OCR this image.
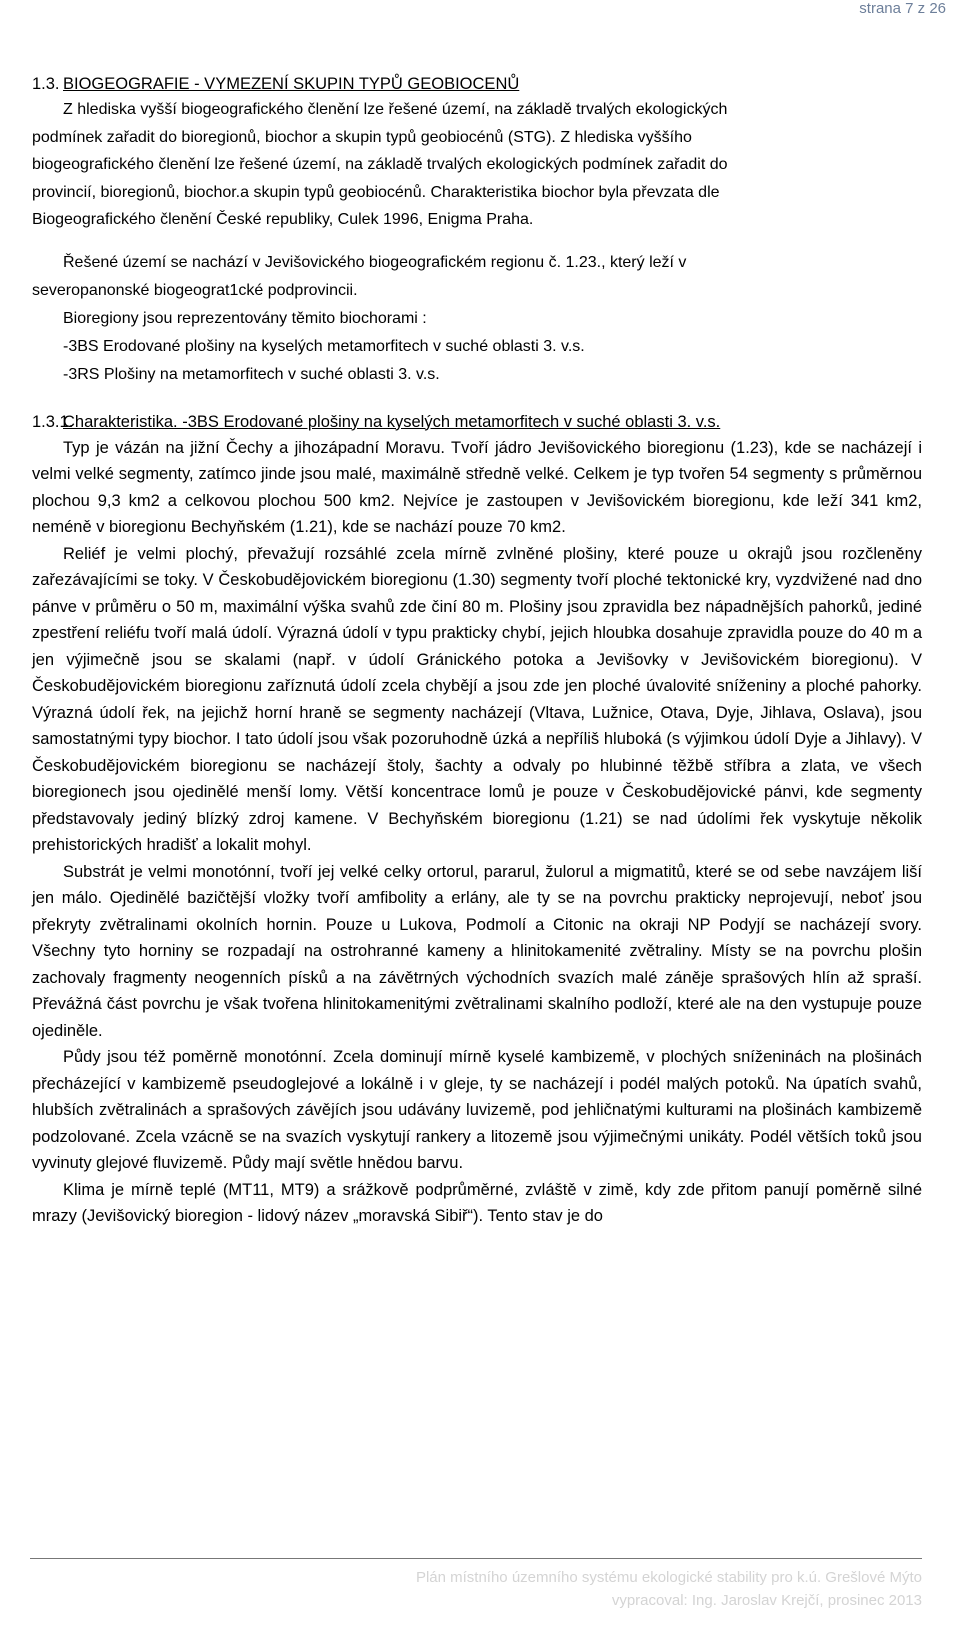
strana 7 z 26
1.3. BIOGEOGRAFIE - VYMEZENÍ SKUPIN TYPŮ GEOBIOCENŮ

Z hlediska vyšší biogeografického členění lze řešené území, na základě trvalých ekologických
podmínek zařadit do bioregionů, biochor a skupin typů geobiocénů (STG). Z hlediska vyššího
biogeografického členění lze řešené území, na základě trvalých ekologických podmínek zařadit do
provincií, bioregionů, biochor.a skupin typů geobiocénů. Charakteristika biochor byla převzata dle
Biogeografického členění České republiky, Culek 1996, Enigma Praha.

Řešené území se nachází v Jevišovického biogeografickém regionu č. 1.23., který leží v
severopanonské biogeograt1cké podprovincii.
Bioregiony jsou reprezentovány těmito biochorami :
-3BS Erodované plošiny na kyselých metamorfitech v suché oblasti 3. v.s.
-3RS Plošiny na metamorfitech v suché oblasti 3. v.s.

1.3.1.Charakteristika. -3BS Erodované plošiny na kyselých metamorfitech v suché oblasti 3. v.s.

Typ je vázán na jižní Čechy a jihozápadní Moravu. Tvoří jádro Jevišovického bioregionu (1.23), kde se nacházejí i velmi velké segmenty, zatímco jinde jsou malé, maximálně středně velké. Celkem je typ tvořen 54 segmenty s průměrnou plochou 9,3 km2 a celkovou plochou 500 km2. Nejvíce je zastoupen v Jevišovickém bioregionu, kde leží 341 km2, neméně v bioregionu Bechyňském (1.21), kde se nachází pouze 70 km2.

Reliéf je velmi plochý, převažují rozsáhlé zcela mírně zvlněné plošiny, které pouze u okrajů jsou rozčleněny zařezávajícími se toky. V Českobudějovickém bioregionu (1.30) segmenty tvoří ploché tektonické kry, vyzdvižené nad dno pánve v průměru o 50 m, maximální výška svahů zde činí 80 m. Plošiny jsou zpravidla bez nápadnějších pahorků, jediné zpestření reliéfu tvoří malá údolí. Výrazná údolí v typu prakticky chybí, jejich hloubka dosahuje zpravidla pouze do 40 m a jen výjimečně jsou se skalami (např. v údolí Gránického potoka a Jevišovky v Jevišovickém bioregionu). V Českobudějovickém bioregionu zaříznutá údolí zcela chybějí a jsou zde jen ploché úvalovité sníženiny a ploché pahorky. Výrazná údolí řek, na jejichž horní hraně se segmenty nacházejí (Vltava, Lužnice, Otava, Dyje, Jihlava, Oslava), jsou samostatnými typy biochor. I tato údolí jsou však pozoruhodně úzká a nepříliš hluboká (s výjimkou údolí Dyje a Jihlavy). V Českobudějovickém bioregionu se nacházejí štoly, šachty a odvaly po hlubinné těžbě stříbra a zlata, ve všech bioregionech jsou ojedinělé menší lomy. Větší koncentrace lomů je pouze v Českobudějovické pánvi, kde segmenty představovaly jediný blízký zdroj kamene. V Bechyňském bioregionu (1.21) se nad údolími řek vyskytuje několik prehistorických hradišť a lokalit mohyl.

Substrát je velmi monotónní, tvoří jej velké celky ortorul, pararul, žulorul a migmatitů, které se od sebe navzájem liší jen málo. Ojedinělé bazičtější vložky tvoří amfibolity a erlány, ale ty se na povrchu prakticky neprojevují, neboť jsou překryty zvětralinami okolních hornin. Pouze u Lukova, Podmolí a Citonic na okraji NP Podyjí se nacházejí svory. Všechny tyto horniny se rozpadají na ostrohranné kameny a hlinitokamenité zvětraliny. Místy se na povrchu plošin zachovaly fragmenty neogenních písků a na závětrných východních svazích malé záněje sprašových hlín až spraší. Převážná část povrchu je však tvořena hlinitokamenitými zvětralinami skalního podloží, které ale na den vystupuje pouze ojediněle.

Půdy jsou též poměrně monotónní. Zcela dominují mírně kyselé kambizemě, v plochých sníženinách na plošinách přecházející v kambizemě pseudoglejové a lokálně i v gleje, ty se nacházejí i podél malých potoků. Na úpatích svahů, hlubších zvětralinách a sprašových závějích jsou udávány luvizemě, pod jehličnatými kulturami na plošinách kambizemě podzolované. Zcela vzácně se na svazích vyskytují rankery a litozemě jsou výjimečnými unikáty. Podél větších toků jsou vyvinuty glejové fluvizemě. Půdy mají světle hnědou barvu.

Klima je mírně teplé (MT11, MT9) a srážkově podprůměrné, zvláště v zimě, kdy zde přitom panují poměrně silné mrazy (Jevišovický bioregion - lidový název „moravská Sibiř“). Tento stav je do

Plán místního územního systému ekologické stability pro k.ú. Grešlové Mýto
vypracoval: Ing. Jaroslav Krejčí, prosinec 2013
